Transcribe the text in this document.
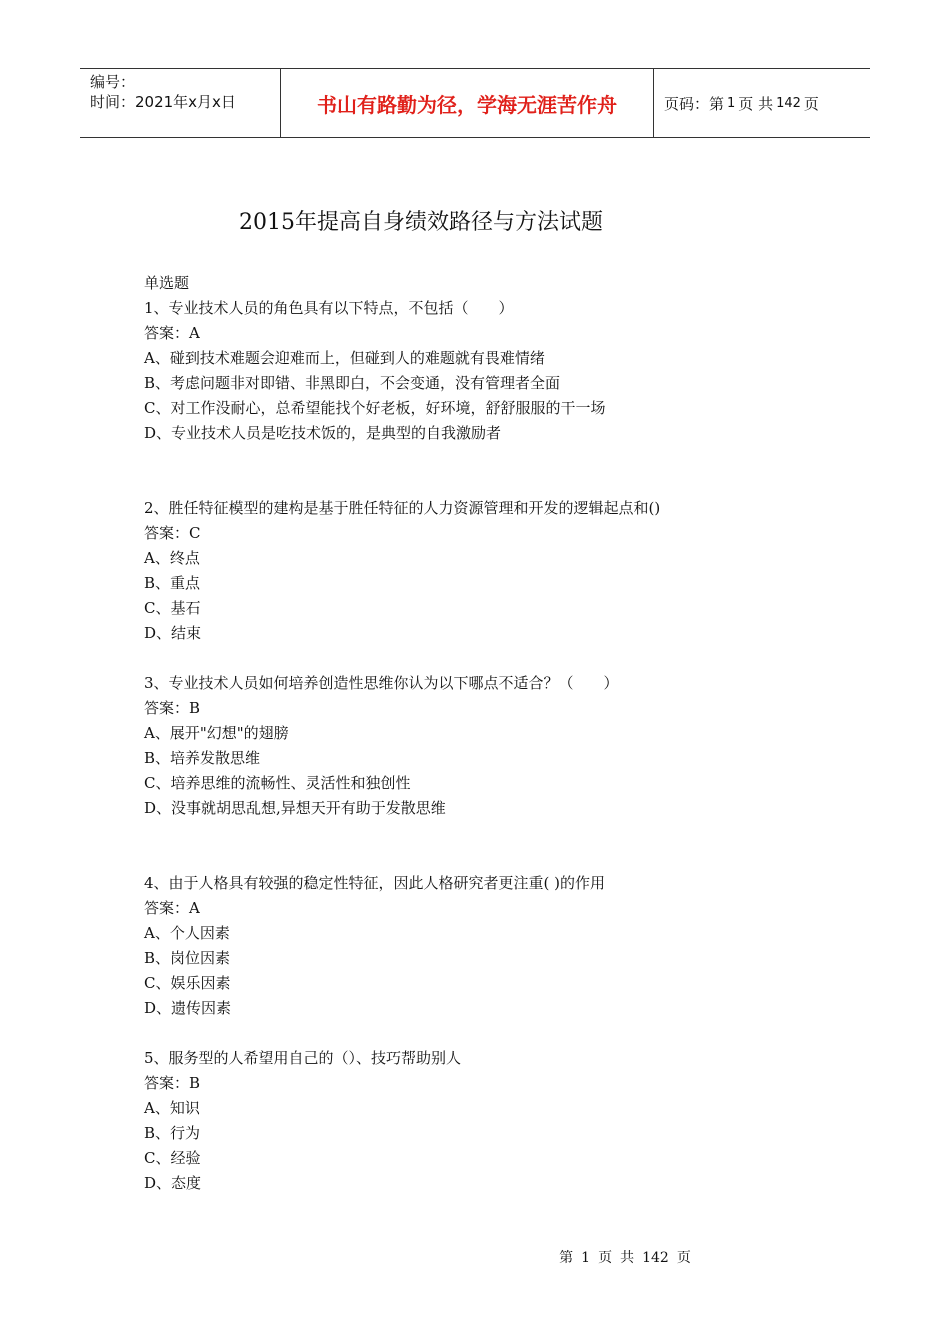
编号：
时间：2021年x月x日	书山有路勤为径，学海无涯苦作舟	页码：第 1 页 共 142 页
2015年提高自身绩效路径与方法试题
单选题
1、专业技术人员的角色具有以下特点，不包括（　　）
答案：A
A、碰到技术难题会迎难而上，但碰到人的难题就有畏难情绪
B、考虑问题非对即错、非黑即白，不会变通，没有管理者全面
C、对工作没耐心，总希望能找个好老板，好环境，舒舒服服的干一场
D、专业技术人员是吃技术饭的，是典型的自我激励者
2、胜任特征模型的建构是基于胜任特征的人力资源管理和开发的逻辑起点和()
答案：C
A、终点
B、重点
C、基石
D、结束
3、专业技术人员如何培养创造性思维你认为以下哪点不适合？（　　）
答案：B
A、展开"幻想"的翅膀
B、培养发散思维
C、培养思维的流畅性、灵活性和独创性
D、没事就胡思乱想,异想天开有助于发散思维
4、由于人格具有较强的稳定性特征，因此人格研究者更注重( )的作用
答案：A
A、个人因素
B、岗位因素
C、娱乐因素
D、遗传因素
5、服务型的人希望用自己的（）、技巧帮助别人
答案：B
A、知识
B、行为
C、经验
D、态度
第 1 页 共 142 页
